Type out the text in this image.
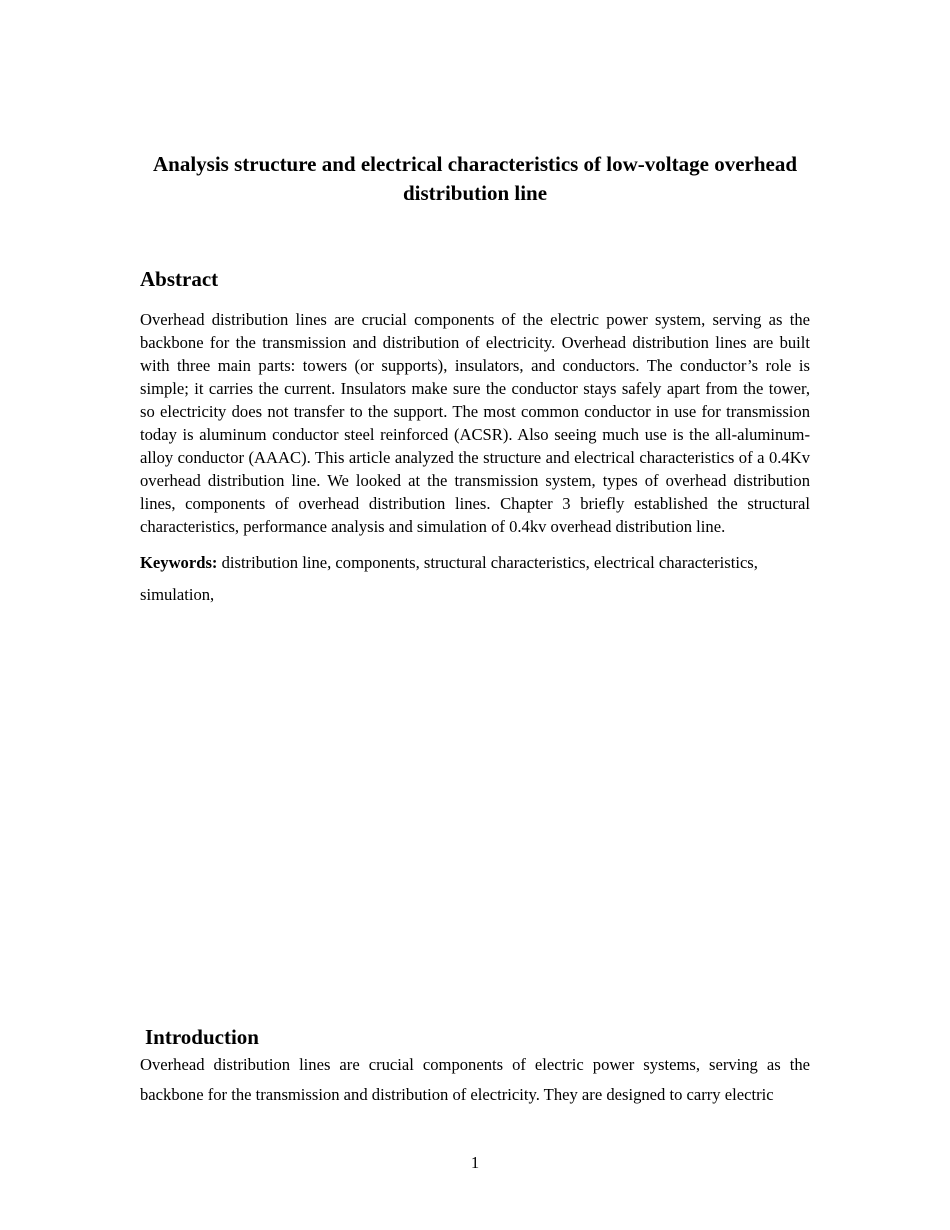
Analysis structure and electrical characteristics of low-voltage overhead distribution line
Abstract

Overhead distribution lines are crucial components of the electric power system, serving as the backbone for the transmission and distribution of electricity. Overhead distribution lines are built with three main parts: towers (or supports), insulators, and conductors. The conductor’s role is simple; it carries the current. Insulators make sure the conductor stays safely apart from the tower, so electricity does not transfer to the support. The most common conductor in use for transmission today is aluminum conductor steel reinforced (ACSR). Also seeing much use is the all-aluminum-alloy conductor (AAAC). This article analyzed the structure and electrical characteristics of a 0.4Kv overhead distribution line. We looked at the transmission system, types of overhead distribution lines, components of overhead distribution lines. Chapter 3 briefly established the structural characteristics, performance analysis and simulation of 0.4kv overhead distribution line.

Keywords: distribution line, components, structural characteristics, electrical characteristics, simulation,

Introduction

Overhead distribution lines are crucial components of electric power systems, serving as the backbone for the transmission and distribution of electricity. They are designed to carry electric

1
